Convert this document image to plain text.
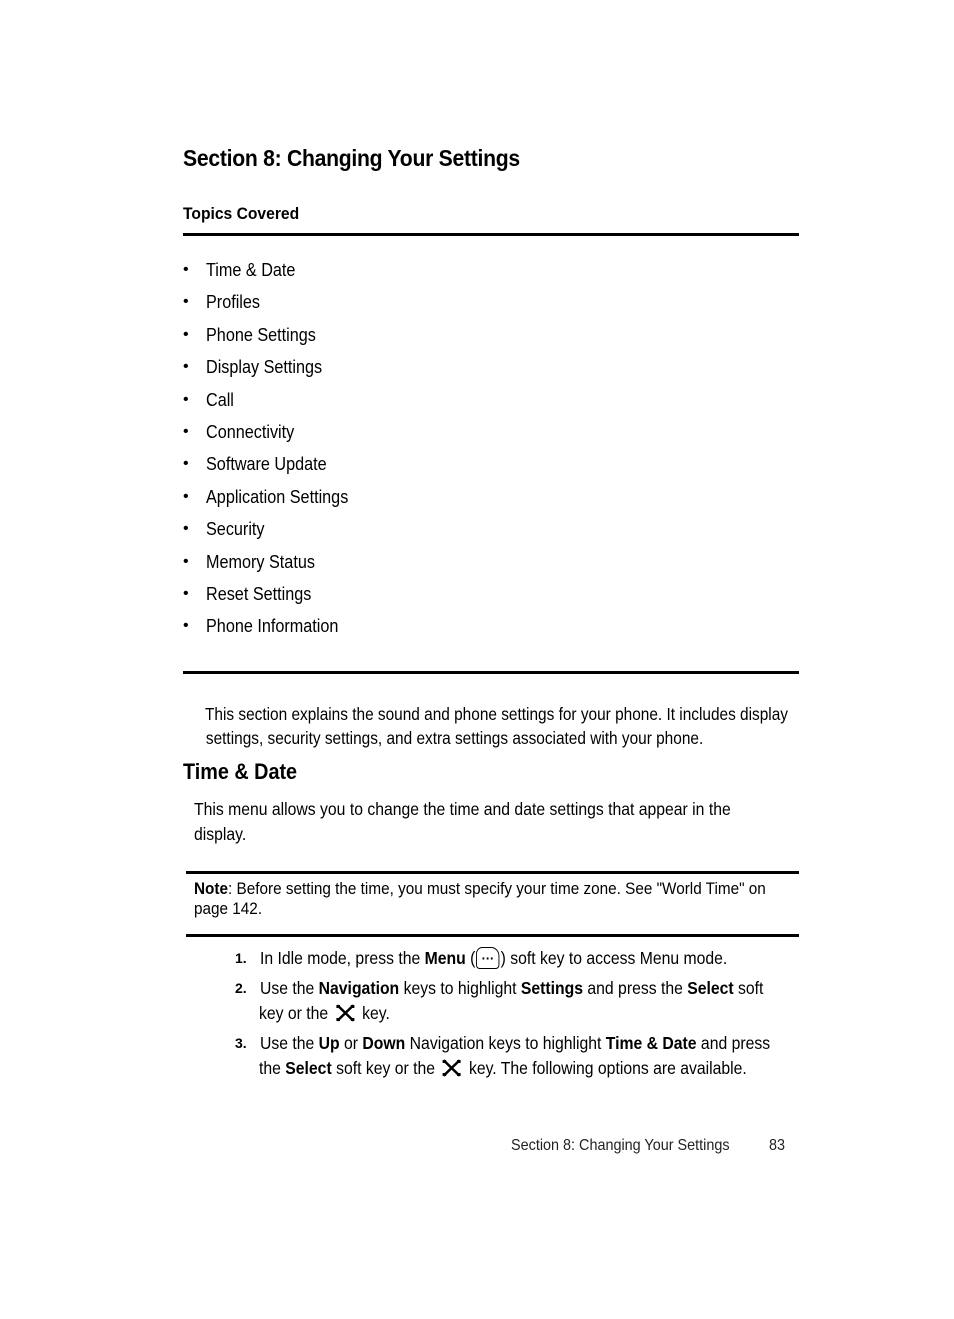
Section 8: Changing Your Settings
Topics Covered
• Time & Date
• Profiles
• Phone Settings
• Display Settings
• Call
• Connectivity
• Software Update
• Application Settings
• Security
• Memory Status
• Reset Settings
• Phone Information
This section explains the sound and phone settings for your phone. It includes display
settings, security settings, and extra settings associated with your phone.
Time & Date
This menu allows you to change the time and date settings that appear in the
display.
Note: Before setting the time, you must specify your time zone. See "World Time" on
page 142.
1. In Idle mode, press the Menu (··· ) soft key to access Menu mode.
2. Use the Navigation keys to highlight Settings and press the Select soft
key or the  key.
3. Use the Up or Down Navigation keys to highlight Time & Date and press
the Select soft key or the  key. The following options are available.
Section 8: Changing Your Settings 83
